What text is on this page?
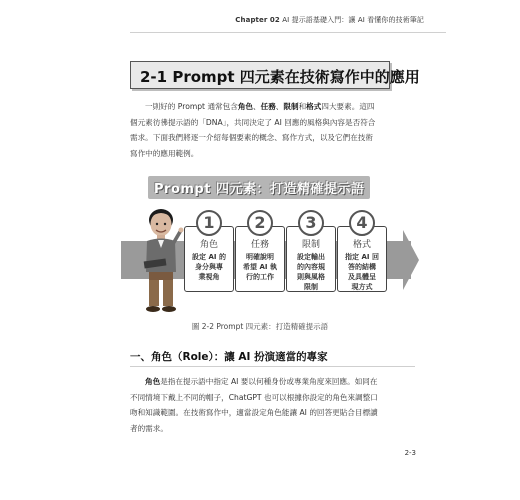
Chapter 02 AI 提示語基礎入門：讓 AI 看懂你的技術筆記
2-1 Prompt 四元素在技術寫作中的應用
一則好的 Prompt 通常包含角色、任務、限制和格式四大要素。這四
個元素彷彿提示語的「DNA」，共同決定了 AI 回應的風格與內容是否符合
需求。下面我們將逐一介紹每個要素的概念、寫作方式，以及它們在技術
寫作中的應用範例。
Prompt 四元素：打造精確提示語
1
角色
設定 AI 的
身分與專
業視角
2
任務
明確說明
希望 AI 執
行的工作
3
限制
設定輸出
的內容規
則與風格
限制
4
格式
指定 AI 回
答的結構
及具體呈
現方式
圖 2-2 Prompt 四元素：打造精確提示語
一、角色（Role）：讓 AI 扮演適當的專家
角色是指在提示語中指定 AI 要以何種身份或專業角度來回應。如同在
不同情境下戴上不同的帽子，ChatGPT 也可以根據你設定的角色來調整口
吻和知識範圍。在技術寫作中，適當設定角色能讓 AI 的回答更貼合目標讀
者的需求。
2-3
